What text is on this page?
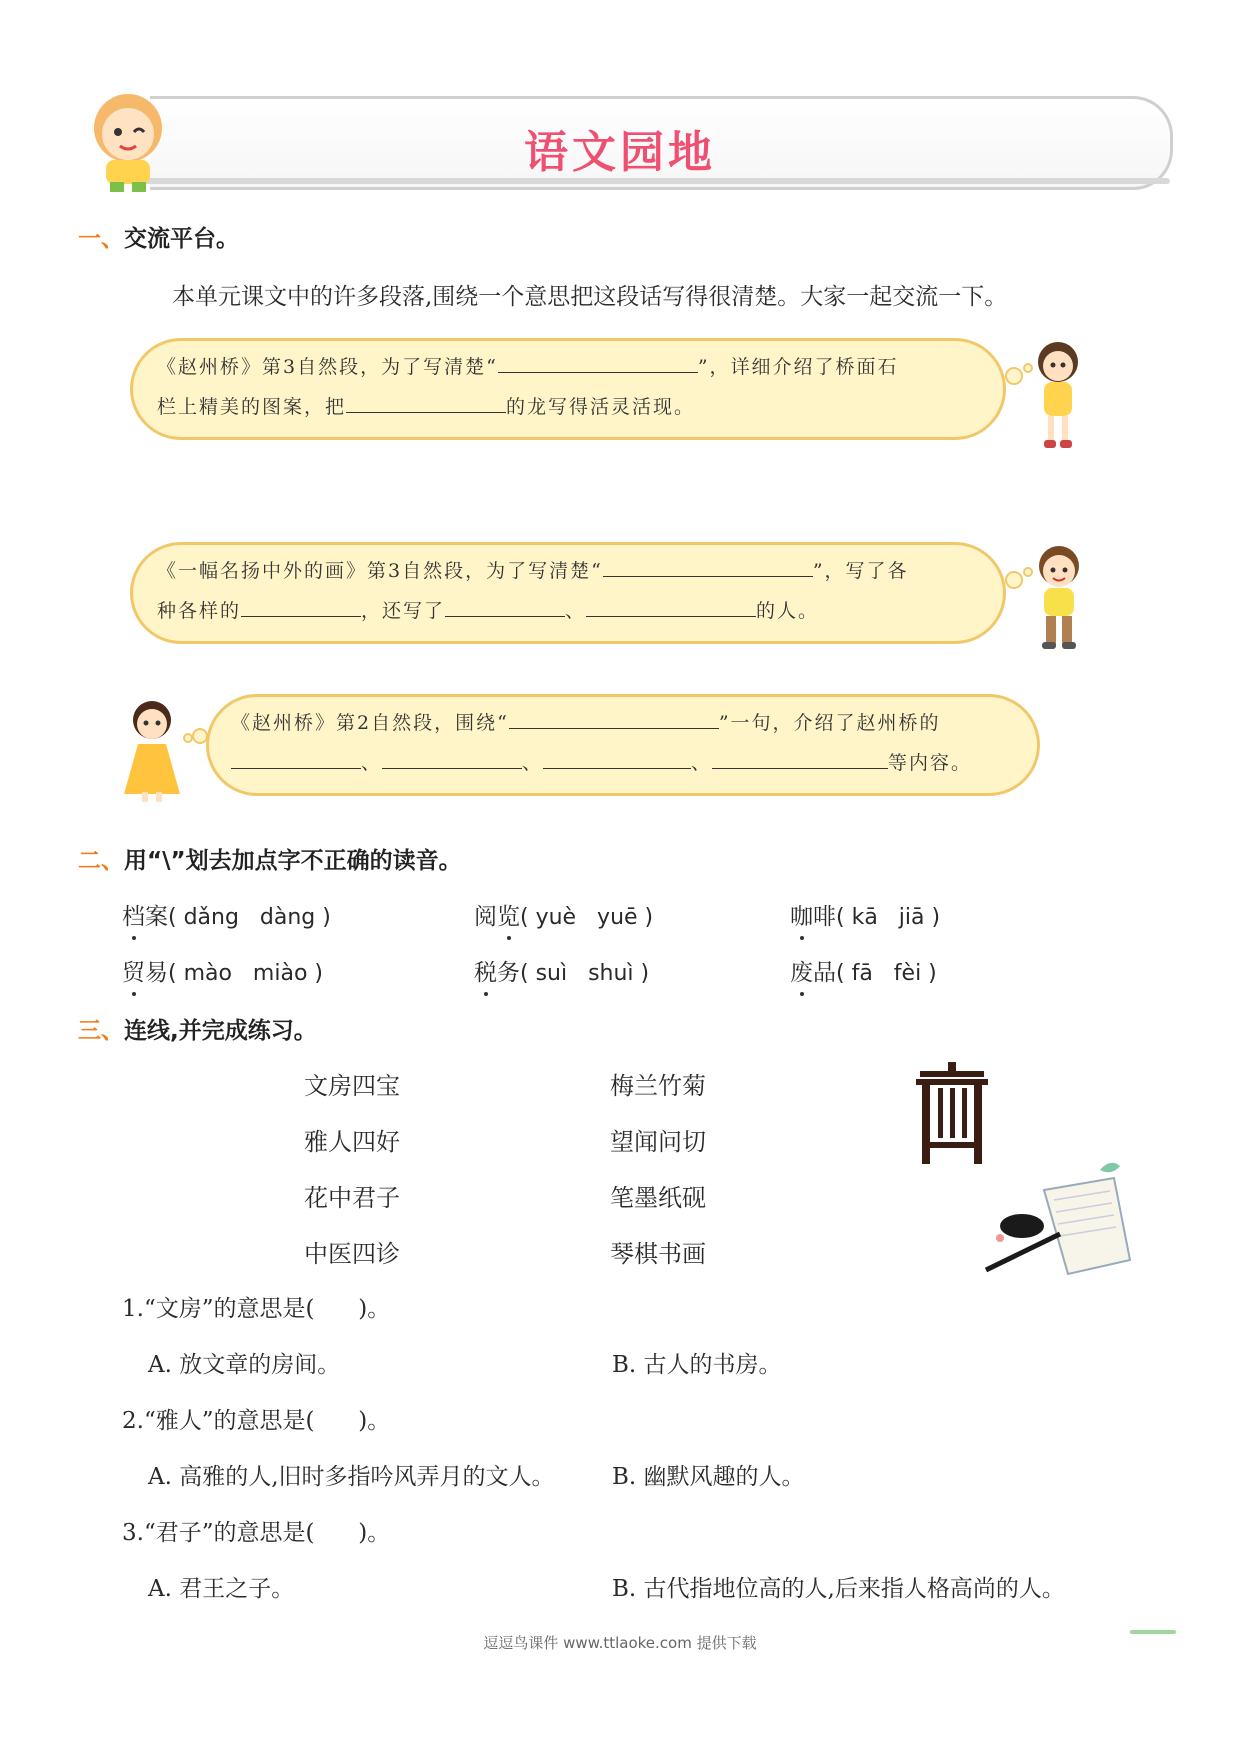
语文园地
一、交流平台。
本单元课文中的许多段落,围绕一个意思把这段话写得很清楚。大家一起交流一下。
《赵州桥》第3自然段，为了写清楚“	”，详细介绍了桥面石
栏上精美的图案，把	的龙写得活灵活现。
《一幅名扬中外的画》第3自然段，为了写清楚“	”，写了各
种各样的	，还写了	、	的人。
《赵州桥》第2自然段，围绕“	”一句，介绍了赵州桥的
、	、	、	等内容。
二、用“\”划去加点字不正确的读音。
档案( dǎng   dàng )	阅览( yuè   yuē )	咖啡( kā   jiā )
贸易( mào   miào )	税务( suì   shuì )	废品( fā   fèi )
三、连线,并完成练习。
文房四宝
雅人四好
花中君子
中医四诊
梅兰竹菊
望闻问切
笔墨纸砚
琴棋书画
1.“文房”的意思是(      )。
A. 放文章的房间。	B. 古人的书房。
2.“雅人”的意思是(      )。
A. 高雅的人,旧时多指吟风弄月的文人。 B. 幽默风趣的人。
3.“君子”的意思是(      )。
A. 君王之子。	B. 古代指地位高的人,后来指人格高尚的人。
逗逗鸟课件 www.ttlaoke.com 提供下载
